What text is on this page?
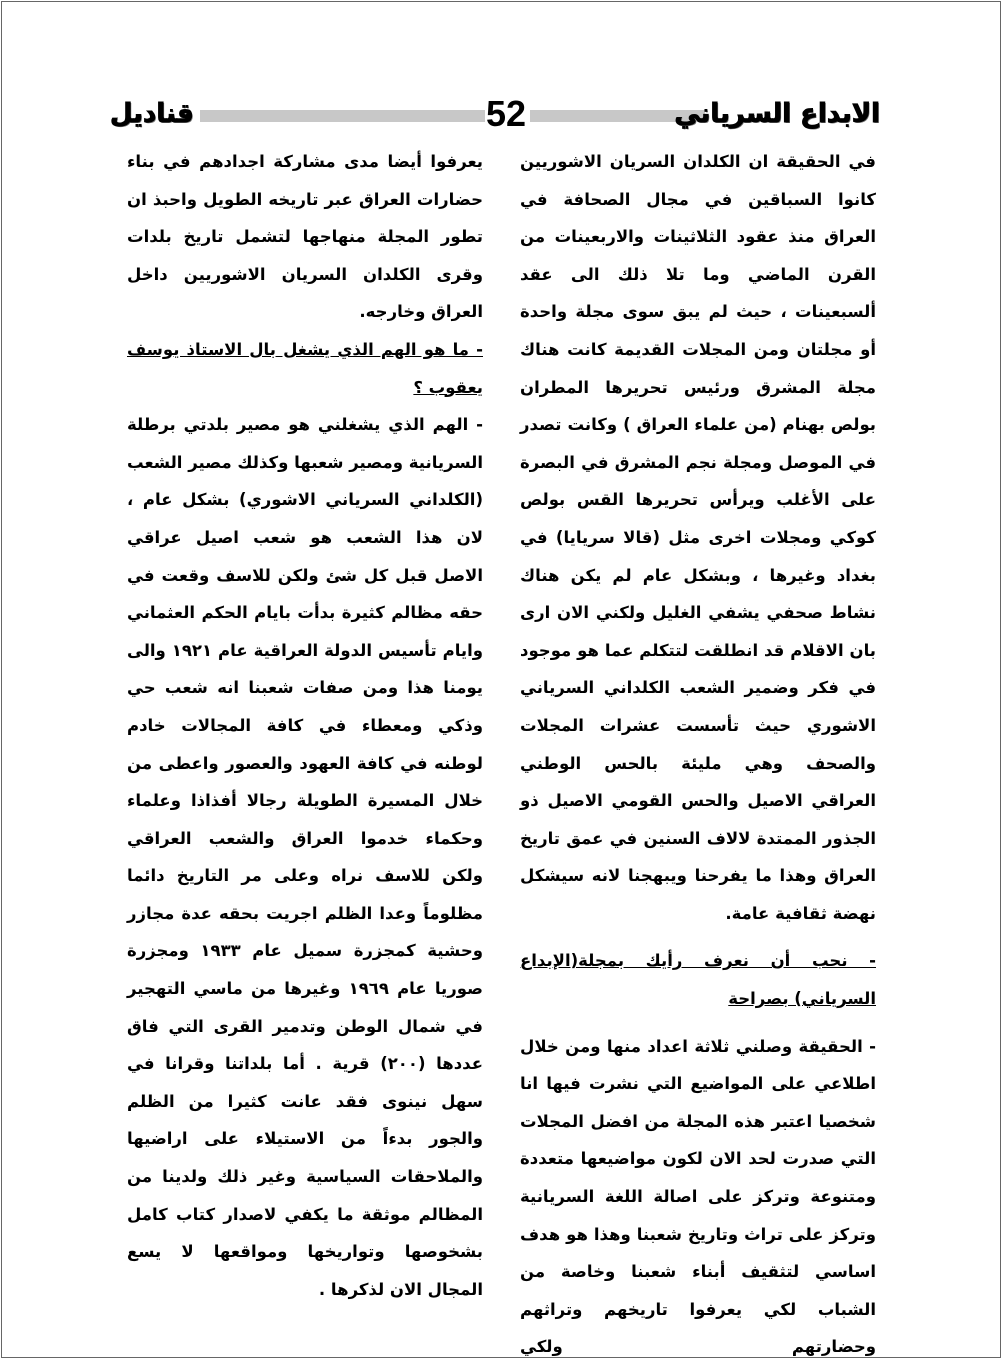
قناديل	52	الابداع السرياني

في الحقيقة ان الكلدان السريان الاشوريين كانوا السباقين في مجال الصحافة في العراق منذ عقود الثلاثينات والاربعينات من القرن الماضي وما تلا ذلك الى عقد ألسبعينات ، حيث لم يبق سوى مجلة واحدة أو مجلتان ومن المجلات القديمة كانت هناك مجلة المشرق ورئيس تحريرها المطران بولص بهنام (من علماء العراق ) وكانت تصدر في الموصل ومجلة نجم المشرق في البصرة على الأغلب ويرأس تحريرها القس بولص كوكي ومجلات اخرى مثل (قالا سريايا) في بغداد وغيرها ، وبشكل عام لم يكن هناك نشاط صحفي يشفي الغليل ولكني الان ارى بان الاقلام قد انطلقت لتتكلم عما هو موجود في فكر وضمير الشعب الكلداني السرياني الاشوري حيث تأسست عشرات المجلات والصحف وهي مليئة بالحس الوطني العراقي الاصيل والحس القومي الاصيل ذو الجذور الممتدة لالاف السنين في عمق تاريخ العراق وهذا ما يفرحنا ويبهجنا لانه سيشكل نهضة ثقافية عامة.

- نحب أن نعرف رأيك بمجلة(الإبداع السرياني) بصراحة

- الحقيقة وصلني ثلاثة اعداد منها ومن خلال اطلاعي على المواضيع التي نشرت فيها انا شخصيا اعتبر هذه المجلة من افضل المجلات التي صدرت لحد الان لكون مواضيعها متعددة ومتنوعة وتركز على اصالة اللغة السريانية وتركز على تراث وتاريخ شعبنا وهذا هو هدف اساسي لتثقيف أبناء شعبنا وخاصة من الشباب لكي يعرفوا تاريخهم وتراثهم وحضارتهم ولكي

يعرفوا أيضا مدى مشاركة اجدادهم في بناء حضارات العراق عبر تاريخه الطويل واحبذ ان تطور المجلة منهاجها لتشمل تاريخ بلدات وقرى الكلدان السريان الاشوريين داخل العراق وخارجه.

- ما هو الهم الذي يشغل بال الاستاذ يوسف يعقوب ؟

- الهم الذي يشغلني هو مصير بلدتي برطلة السريانية ومصير شعبها وكذلك مصير الشعب (الكلداني السرياني الاشوري) بشكل عام ، لان هذا الشعب هو شعب اصيل عراقي الاصل قبل كل شئ ولكن للاسف وقعت في حقه مظالم كثيرة بدأت بايام الحكم العثماني وايام تأسيس الدولة العراقية عام ١٩٢١ والى يومنا هذا ومن صفات شعبنا انه شعب حي وذكي ومعطاء في كافة المجالات خادم لوطنه في كافة العهود والعصور واعطى من خلال المسيرة الطويلة رجالا أفذاذا وعلماء وحكماء خدموا العراق والشعب العراقي ولكن للاسف نراه وعلى مر التاريخ دائما مظلوماً وعدا الظلم اجريت بحقه عدة مجازر وحشية كمجزرة سميل عام ١٩٣٣ ومجزرة صوريا عام ١٩٦٩ وغيرها من ماسي التهجير في شمال الوطن وتدمير القرى التي فاق عددها (٢٠٠) قرية . أما بلداتنا وقرانا في سهل نينوى فقد عانت كثيرا من الظلم والجور بدءاً من الاستيلاء على اراضيها والملاحقات السياسية وغير ذلك ولدينا من المظالم موثقة ما يكفي لاصدار كتاب كامل بشخوصها وتواريخها ومواقعها لا يسع المجال الان لذكرها .
